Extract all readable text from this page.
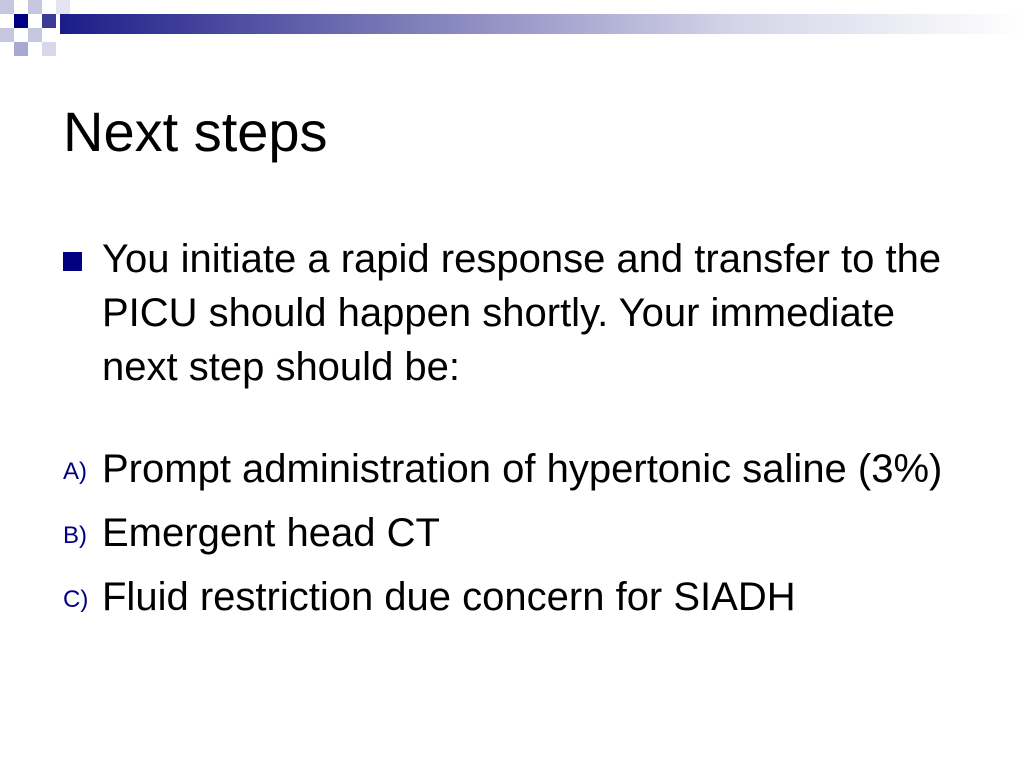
Next steps
You initiate a rapid response and transfer to the PICU should happen shortly. Your immediate next step should be:
A) Prompt administration of hypertonic saline (3%)
B) Emergent head CT
C) Fluid restriction due concern for SIADH
